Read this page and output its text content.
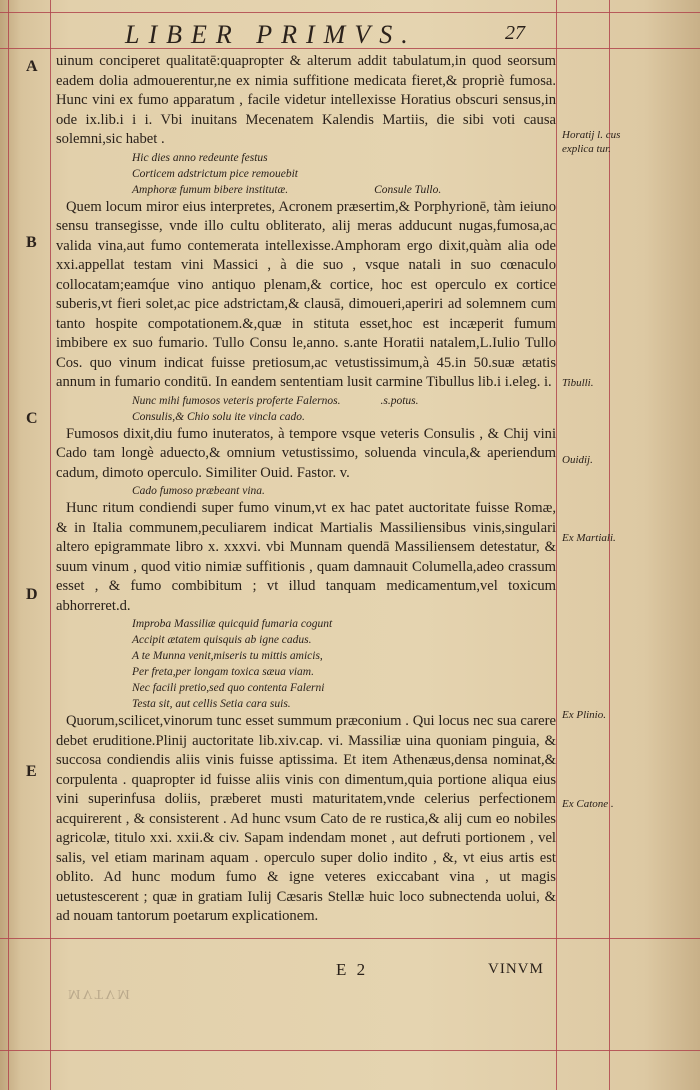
LIBER PRIMVS.	27
A
B
C
D
E
Horatij l. cus explica tur.
Tibulli.
Ouidij.
Ex Martiali.
Ex Plinio.
Ex Catone .

uinum conciperet qualitatē:quapropter & alterum addit tabulatum,in quod seorsum eadem dolia admouerentur,ne ex nimia suffitione medicata fieret,& propriè fumosa. Hunc vini ex fumo apparatum , facile videtur intellexisse Horatius obscuri sensus,in ode ix.lib.i i i. Vbi inuitans Mecenatem Kalendis Martiis, die sibi voti causa solemni,sic habet .

Hic dies anno redeunte festus
Corticem adstrictum pice remouebit
Amphoræ fumum bibere institutæ.	Consule Tullo.

Quem locum miror eius interpretes, Acronem præsertim,& Porphyrionē, tàm ieiuno sensu transegisse, vnde illo cultu obliterato, alij meras adducunt nugas,fumosa,ac valida vina,aut fumo contemerata intellexisse.Amphoram ergo dixit,quàm alia ode xxi.appellat testam vini Massici , à die suo , vsque natali in suo cœnaculo collocatam;eamq́ue vino antiquo plenam,& cortice, hoc est operculo ex cortice suberis,vt fieri solet,ac pice adstrictam,& clausā, dimoueri,aperiri ad solemnem cum tanto hospite compotationem.&,quæ in stituta esset,hoc est incæperit fumum imbibere ex suo fumario. Tullo Consu le,anno. s.ante Horatii natalem,L.Iulio Tullo Cos. quo vinum indicat fuisse pretiosum,ac vetustissimum,à 45.in 50.suæ ætatis annum in fumario conditū. In eandem sententiam lusit carmine Tibullus lib.i i.eleg. i.

Nunc mihi fumosos veteris proferte Falernos.	.s.potus.
Consulis,& Chio solu ite vincla cado.

Fumosos dixit,diu fumo inuteratos, à tempore vsque veteris Consulis , & Chij vini Cado tam longè aduecto,& omnium vetustissimo, soluenda vincula,& aperiendum cadum, dimoto operculo. Similiter Ouid. Fastor. v.

Cado fumoso præbeant vina.

Hunc ritum condiendi super fumo vinum,vt ex hac patet auctoritate fuisse Romæ, & in Italia communem,peculiarem indicat Martialis Massiliensibus vinis,singulari altero epigrammate libro x. xxxvi. vbi Munnam quendā Massiliensem detestatur, & suum vinum , quod vitio nimiæ suffitionis , quam damnauit Columella,adeo crassum esset , & fumo combibitum ; vt illud tanquam medicamentum,vel toxicum abhorreret.d.

Improba Massiliæ quicquid fumaria cogunt
Accipit ætatem quisquis ab igne cadus.
A te Munna venit,miseris tu mittis amicis,
Per freta,per longam toxica sæua viam.
Nec facili pretio,sed quo contenta Falerni
Testa sit, aut cellis Setia cara suis.

Quorum,scilicet,vinorum tunc esset summum præconium . Qui locus nec sua carere debet eruditione.Plinij auctoritate lib.xiv.cap. vi. Massiliæ uina quoniam pinguia, & succosa condiendis aliis vinis fuisse aptissima. Et item Athenæus,densa nominat,& corpulenta . quapropter id fuisse aliis vinis con dimentum,quia portione aliqua eius vini superinfusa doliis, præberet musti maturitatem,vnde celerius perfectionem acquirerent , & consisterent . Ad hunc vsum Cato de re rustica,& alij cum eo nobiles agricolæ, titulo xxi. xxii.& civ. Sapam indendam monet , aut defruti portionem , vel salis, vel etiam marinam aquam . operculo super dolio indito , &, vt eius artis est oblito. Ad hunc modum fumo & igne veteres exiccabant vina , ut magis uetustescerent ; quæ in gratiam Iulij Cæsaris Stellæ huic loco subnectenda uolui, & ad nouam tantorum poetarum explicationem.

E 2	VINVM
MVTVM
